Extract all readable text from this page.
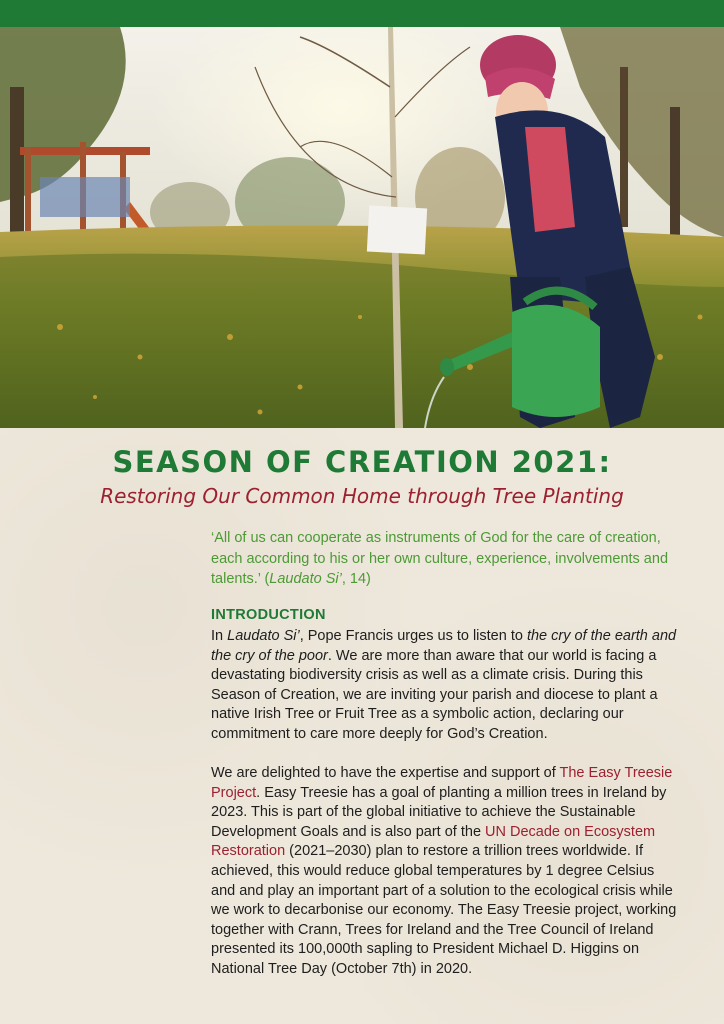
SEASON OF CREATION 2021:
Restoring Our Common Home through Tree Planting
‘All of us can cooperate as instruments of God for the care of creation, each according to his or her own culture, experience, involvements and talents.’ (Laudato Si’, 14)
INTRODUCTION
In Laudato Si’, Pope Francis urges us to listen to the cry of the earth and the cry of the poor. We are more than aware that our world is facing a devastating biodiversity crisis as well as a climate crisis. During this Season of Creation, we are inviting your parish and diocese to plant a native Irish Tree or Fruit Tree as a symbolic action, declaring our commitment to care more deeply for God’s Creation.
We are delighted to have the expertise and support of The Easy Treesie Project. Easy Treesie has a goal of planting a million trees in Ireland by 2023. This is part of the global initiative to achieve the Sustainable Development Goals and is also part of the UN Decade on Ecosystem Restoration (2021–2030) plan to restore a trillion trees worldwide. If achieved, this would reduce global temperatures by 1 degree Celsius and and play an important part of a solution to the ecological crisis while we work to decarbonise our economy. The Easy Treesie project, working together with Crann, Trees for Ireland and the Tree Council of Ireland presented its 100,000th sapling to President Michael D. Higgins on National Tree Day (October 7th) in 2020.
